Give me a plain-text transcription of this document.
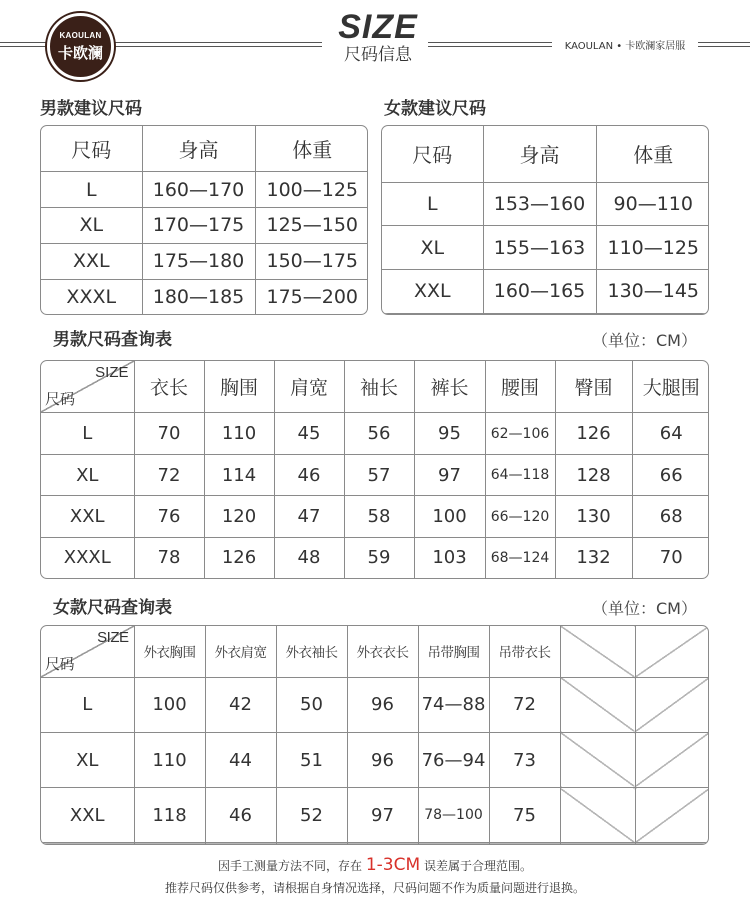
KAOULAN
卡欧澜
SIZE
尺码信息	KAOULAN • 卡欧澜家居服
男款建议尺码
尺码	身高	体重
L	160—170	100—125
XL	170—175	125—150
XXL	175—180	150—175
XXXL	180—185	175—200
女款建议尺码
尺码	身高	体重
L	153—160	90—110
XL	155—163	110—125
XXL	160—165	130—145

男款尺码查询表	（单位：CM）
SIZE
尺码	衣长	胸围	肩宽	袖长	裤长	腰围	臀围	大腿围
L	70	110	45	56	95	62—106	126	64
XL	72	114	46	57	97	64—118	128	66
XXL	76	120	47	58	100	66—120	130	68
XXXL	78	126	48	59	103	68—124	132	70
女款尺码查询表	（单位：CM）
SIZE
尺码	外衣胸围	外衣肩宽	外衣袖长	外衣衣长	吊带胸围	吊带衣长		
L	100	42	50	96	74—88	72		
XL	110	44	51	96	76—94	73		
XXL	118	46	52	97	78—100	75		

因手工测量方法不同，存在 1-3CM 误差属于合理范围。
推荐尺码仅供参考，请根据自身情况选择，尺码问题不作为质量问题进行退换。
